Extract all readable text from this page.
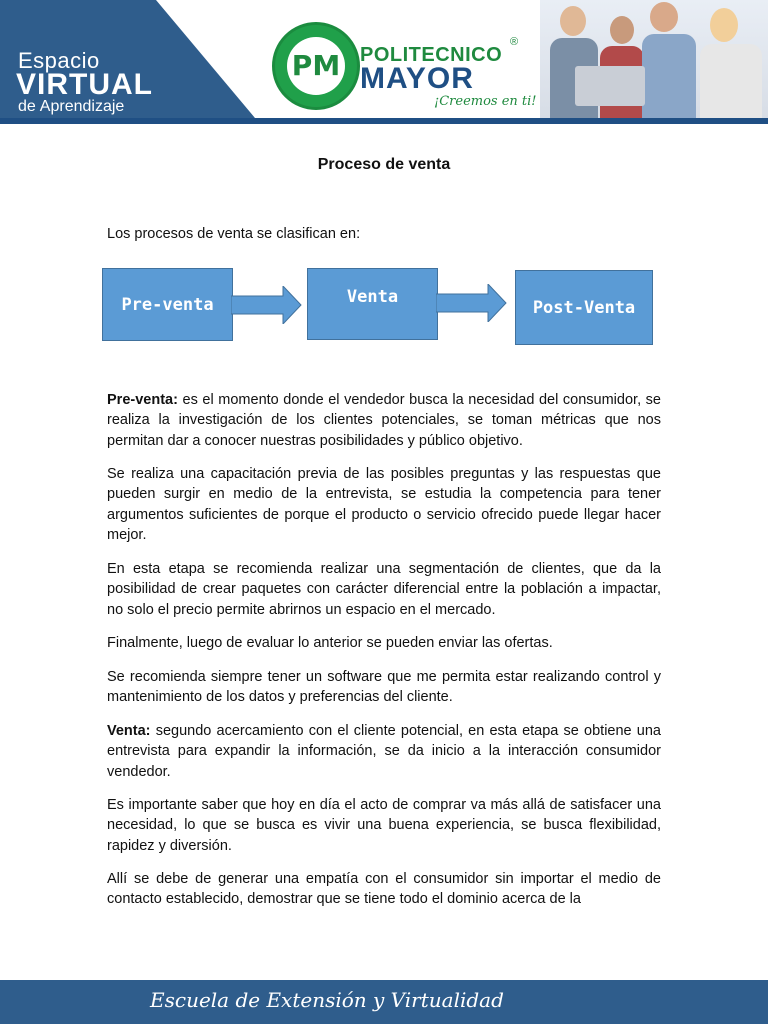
Espacio
VIRTUAL
de Aprendizaje
PM POLITECNICO
®
MAYOR
¡Creemos en ti!
Proceso de venta
Los procesos de venta se clasifican en:
Pre-venta	Venta
Post-Venta

Pre-venta: es el momento donde el vendedor busca la necesidad del consumidor, se realiza la investigación de los clientes potenciales, se toman métricas que nos permitan dar a conocer nuestras posibilidades y público objetivo.

Se realiza una capacitación previa de las posibles preguntas y las respuestas que pueden surgir en medio de la entrevista, se estudia la competencia para tener argumentos suficientes de porque el producto o servicio ofrecido puede llegar hacer mejor.

En esta etapa se recomienda realizar una segmentación de clientes, que da la posibilidad de crear paquetes con carácter diferencial entre la población a impactar, no solo el precio permite abrirnos un espacio en el mercado.

Finalmente, luego de evaluar lo anterior se pueden enviar las ofertas.

Se recomienda siempre tener un software que me permita estar realizando control y mantenimiento de los datos y preferencias del cliente.

Venta: segundo acercamiento con el cliente potencial, en esta etapa se obtiene una entrevista para expandir la información, se da inicio a la interacción consumidor vendedor.

Es importante saber que hoy en día el acto de comprar va más allá de satisfacer una necesidad, lo que se busca es vivir una buena experiencia, se busca flexibilidad, rapidez y diversión.

Allí se debe de generar una empatía con el consumidor sin importar el medio de contacto establecido, demostrar que se tiene todo el dominio acerca de la

Escuela de Extensión y Virtualidad
